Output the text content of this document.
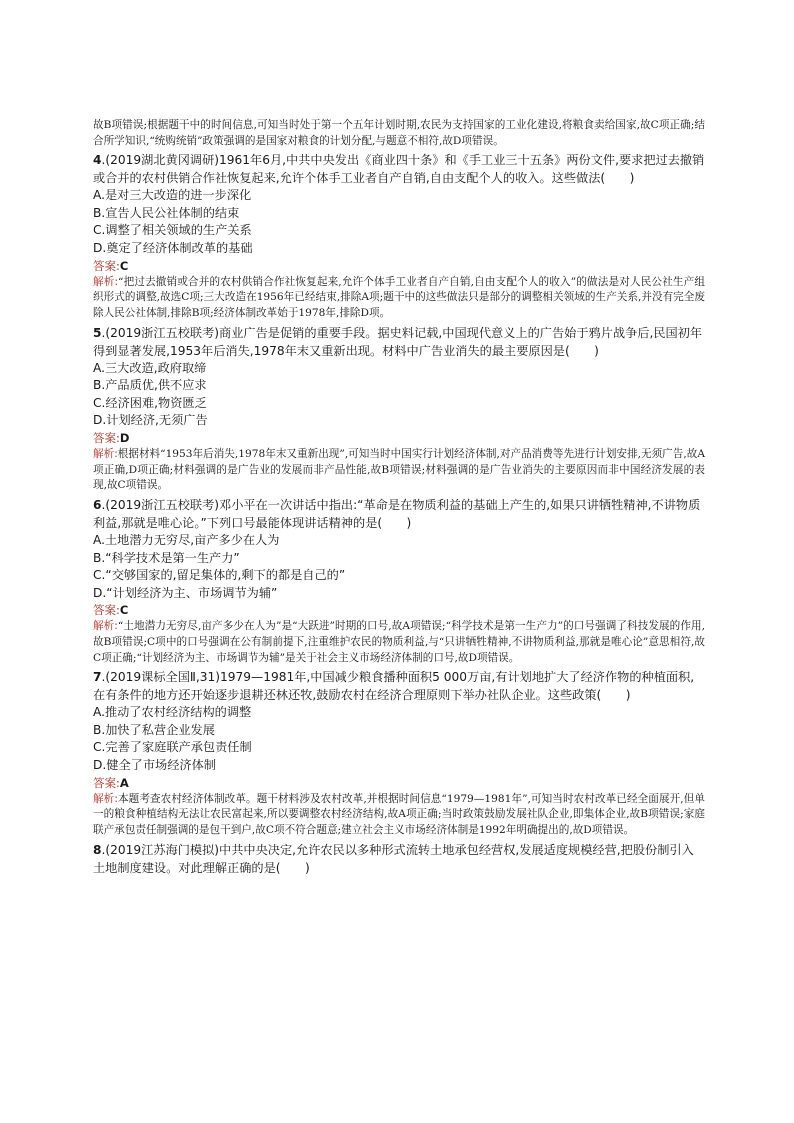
故B项错误;根据题干中的时间信息,可知当时处于第一个五年计划时期,农民为支持国家的工业化建设,将粮食卖给国家,故C项正确;结合所学知识,“统购统销”政策强调的是国家对粮食的计划分配,与题意不相符,故D项错误。

4.(2019湖北黄冈调研)1961年6月,中共中央发出《商业四十条》和《手工业三十五条》两份文件,要求把过去撤销或合并的农村供销合作社恢复起来,允许个体手工业者自产自销,自由支配个人的收入。这些做法(　　)

A.是对三大改造的进一步深化

B.宣告人民公社体制的结束

C.调整了相关领域的生产关系

D.奠定了经济体制改革的基础

答案:C

解析:“把过去撤销或合并的农村供销合作社恢复起来,允许个体手工业者自产自销,自由支配个人的收入”的做法是对人民公社生产组织形式的调整,故选C项;三大改造在1956年已经结束,排除A项;题干中的这些做法只是部分的调整相关领域的生产关系,并没有完全废除人民公社体制,排除B项;经济体制改革始于1978年,排除D项。

5.(2019浙江五校联考)商业广告是促销的重要手段。据史料记载,中国现代意义上的广告始于鸦片战争后,民国初年得到显著发展,1953年后消失,1978年末又重新出现。材料中广告业消失的最主要原因是(　　)

A.三大改造,政府取缔

B.产品质优,供不应求

C.经济困难,物资匮乏

D.计划经济,无须广告

答案:D

解析:根据材料“1953年后消失,1978年末又重新出现”,可知当时中国实行计划经济体制,对产品消费等先进行计划安排,无须广告,故A项正确,D项正确;材料强调的是广告业的发展而非产品性能,故B项错误;材料强调的是广告业消失的主要原因而非中国经济发展的表现,故C项错误。

6.(2019浙江五校联考)邓小平在一次讲话中指出:“革命是在物质利益的基础上产生的,如果只讲牺牲精神,不讲物质利益,那就是唯心论。”下列口号最能体现讲话精神的是(　　)

A.土地潜力无穷尽,亩产多少在人为

B.“科学技术是第一生产力”

C.“交够国家的,留足集体的,剩下的都是自己的”

D.“计划经济为主、市场调节为辅”

答案:C

解析:“土地潜力无穷尽,亩产多少在人为”是“大跃进”时期的口号,故A项错误;“科学技术是第一生产力”的口号强调了科技发展的作用,故B项错误;C项中的口号强调在公有制前提下,注重维护农民的物质利益,与“只讲牺牲精神,不讲物质利益,那就是唯心论”意思相符,故C项正确;“计划经济为主、市场调节为辅”是关于社会主义市场经济体制的口号,故D项错误。

7.(2019课标全国Ⅱ,31)1979—1981年,中国减少粮食播种面积5 000万亩,有计划地扩大了经济作物的种植面积,在有条件的地方还开始逐步退耕还林还牧,鼓励农村在经济合理原则下举办社队企业。这些政策(　　)

A.推动了农村经济结构的调整

B.加快了私营企业发展

C.完善了家庭联产承包责任制

D.健全了市场经济体制

答案:A

解析:本题考查农村经济体制改革。题干材料涉及农村改革,并根据时间信息“1979—1981年”,可知当时农村改革已经全面展开,但单一的粮食种植结构无法让农民富起来,所以要调整农村经济结构,故A项正确;当时政策鼓励发展社队企业,即集体企业,故B项错误;家庭联产承包责任制强调的是包干到户,故C项不符合题意;建立社会主义市场经济体制是1992年明确提出的,故D项错误。

8.(2019江苏海门模拟)中共中央决定,允许农民以多种形式流转土地承包经营权,发展适度规模经营,把股份制引入土地制度建设。对此理解正确的是(　　)
